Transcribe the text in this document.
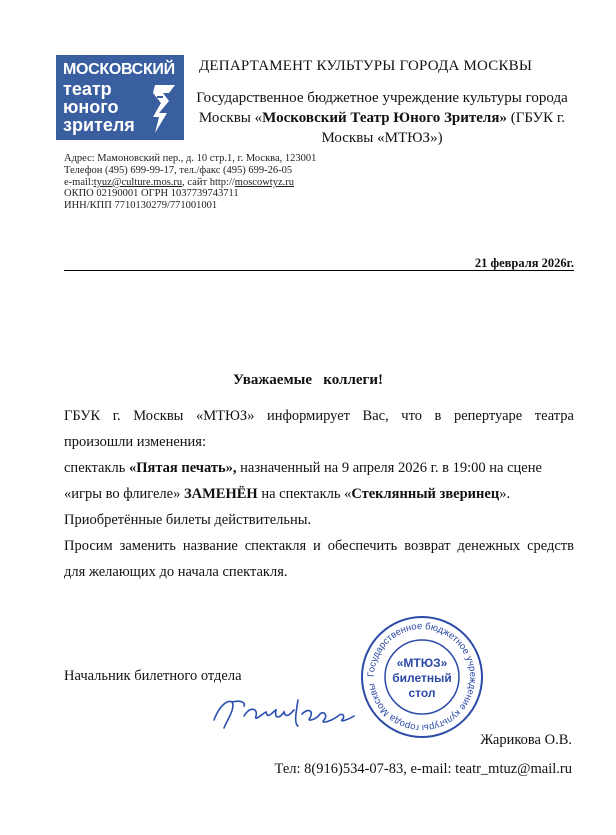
МОСКОВСКИЙ
театр
юного
зрителя
ДЕПАРТАМЕНТ КУЛЬТУРЫ ГОРОДА МОСКВЫ
Государственное бюджетное учреждение культуры города Москвы «Московский Театр Юного Зрителя» (ГБУК г. Москвы «МТЮЗ»)
Адрес: Мамоновский пер., д. 10 стр.1, г. Москва, 123001
Телефон (495) 699-99-17, тел./факс (495) 699-26-05
e-mail:tyuz@culture.mos.ru, сайт http://moscowtyz.ru
ОКПО 02190001 ОГРН 1037739743711
ИНН/КПП 7710130279/771001001
21 февраля 2026г.
Уважаемые   коллеги!

ГБУК г. Москвы «МТЮЗ» информирует Вас, что в репертуаре театра

произошли изменения:

спектакль «Пятая печать», назначенный на 9 апреля 2026 г. в 19:00 на сцене

«игры во флигеле» ЗАМЕНЁН на спектакль «Стеклянный зверинец».

Приобретённые билеты действительны.

Просим заменить название спектакля и обеспечить возврат денежных средств

для желающих до начала спектакля.

Начальник билетного отдела	Государственное бюджетное учреждение культуры города Москвы
«МТЮЗ»
билетный
стол
Жарикова О.В.
Тел: 8(916)534-07-83, e-mail: teatr_mtuz@mail.ru
